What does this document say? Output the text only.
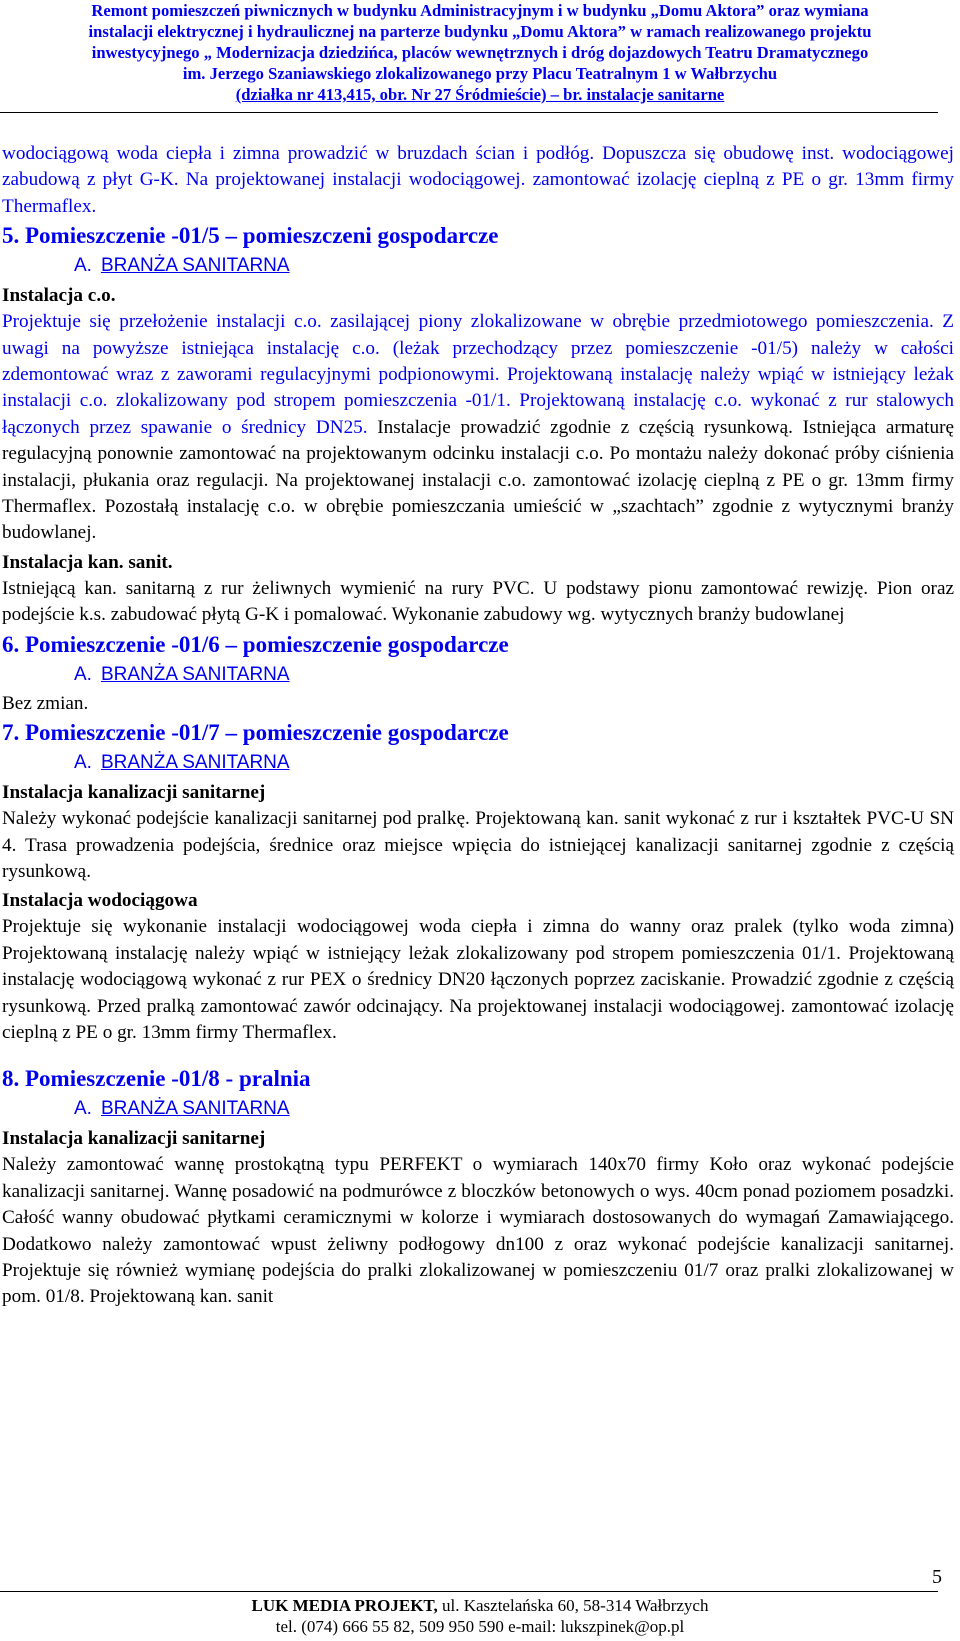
Remont pomieszczeń piwnicznych w budynku Administracyjnym i w budynku „Domu Aktora” oraz wymiana
instalacji elektrycznej i hydraulicznej na parterze budynku „Domu Aktora” w ramach realizowanego projektu
inwestycyjnego „ Modernizacja dziedzińca, placów wewnętrznych i dróg dojazdowych Teatru Dramatycznego
im. Jerzego Szaniawskiego zlokalizowanego przy Placu Teatralnym 1 w Wałbrzychu
(działka nr 413,415, obr. Nr 27 Śródmieście) – br. instalacje sanitarne
wodociągową woda ciepła i zimna prowadzić w bruzdach ścian i podłóg. Dopuszcza się obudowę inst. wodociągowej zabudową z płyt G-K. Na projektowanej instalacji wodociągowej. zamontować izolację cieplną z PE o gr. 13mm firmy Thermaflex.
5. Pomieszczenie -01/5 – pomieszczeni gospodarcze
A. BRANŻA SANITARNA
Instalacja c.o.
Projektuje się przełożenie instalacji c.o. zasilającej piony zlokalizowane w obrębie przedmiotowego pomieszczenia. Z uwagi na powyższe istniejąca instalację c.o. (leżak przechodzący przez pomieszczenie -01/5) należy w całości zdemontować wraz z zaworami regulacyjnymi podpionowymi. Projektowaną instalację należy wpiąć w istniejący leżak instalacji c.o. zlokalizowany pod stropem pomieszczenia -01/1. Projektowaną instalację c.o. wykonać z rur stalowych łączonych przez spawanie o średnicy DN25. Instalacje prowadzić zgodnie z częścią rysunkową. Istniejąca armaturę regulacyjną ponownie zamontować na projektowanym odcinku instalacji c.o. Po montażu należy dokonać próby ciśnienia instalacji, płukania oraz regulacji. Na projektowanej instalacji c.o. zamontować izolację cieplną z PE o gr. 13mm firmy Thermaflex. Pozostałą instalację c.o. w obrębie pomieszczania umieścić w „szachtach” zgodnie z wytycznymi branży budowlanej.
Instalacja kan. sanit.
Istniejącą kan. sanitarną z rur żeliwnych wymienić na rury PVC. U podstawy pionu zamontować rewizję. Pion oraz podejście k.s. zabudować płytą G-K i pomalować. Wykonanie zabudowy wg. wytycznych branży budowlanej
6. Pomieszczenie -01/6 – pomieszczenie gospodarcze
A. BRANŻA SANITARNA
Bez zmian.
7. Pomieszczenie -01/7 – pomieszczenie gospodarcze
A. BRANŻA SANITARNA
Instalacja kanalizacji sanitarnej
Należy wykonać podejście kanalizacji sanitarnej pod pralkę. Projektowaną kan. sanit wykonać z rur i kształtek PVC-U SN 4. Trasa prowadzenia podejścia, średnice oraz miejsce wpięcia do istniejącej kanalizacji sanitarnej zgodnie z częścią rysunkową.
Instalacja wodociągowa
Projektuje się wykonanie instalacji wodociągowej woda ciepła i zimna do wanny oraz pralek (tylko woda zimna) Projektowaną instalację należy wpiąć w istniejący leżak zlokalizowany pod stropem pomieszczenia 01/1. Projektowaną instalację wodociągową wykonać z rur PEX o średnicy DN20 łączonych poprzez zaciskanie. Prowadzić zgodnie z częścią rysunkową. Przed pralką zamontować zawór odcinający. Na projektowanej instalacji wodociągowej. zamontować izolację cieplną z PE o gr. 13mm firmy Thermaflex.
8. Pomieszczenie -01/8 - pralnia
A. BRANŻA SANITARNA
Instalacja kanalizacji sanitarnej
Należy zamontować wannę prostokątną typu PERFEKT o wymiarach 140x70 firmy Koło oraz wykonać podejście kanalizacji sanitarnej. Wannę posadowić na podmurówce z bloczków betonowych o wys. 40cm ponad poziomem posadzki. Całość wanny obudować płytkami ceramicznymi w kolorze i wymiarach dostosowanych do wymagań Zamawiającego. Dodatkowo należy zamontować wpust żeliwny podłogowy dn100 z oraz wykonać podejście kanalizacji sanitarnej. Projektuje się również wymianę podejścia do pralki zlokalizowanej w pomieszczeniu 01/7 oraz pralki zlokalizowanej w pom. 01/8. Projektowaną kan. sanit
5
LUK MEDIA PROJEKT, ul. Kasztelańska 60, 58-314 Wałbrzych
tel. (074) 666 55 82, 509 950 590 e-mail: lukszpinek@op.pl
